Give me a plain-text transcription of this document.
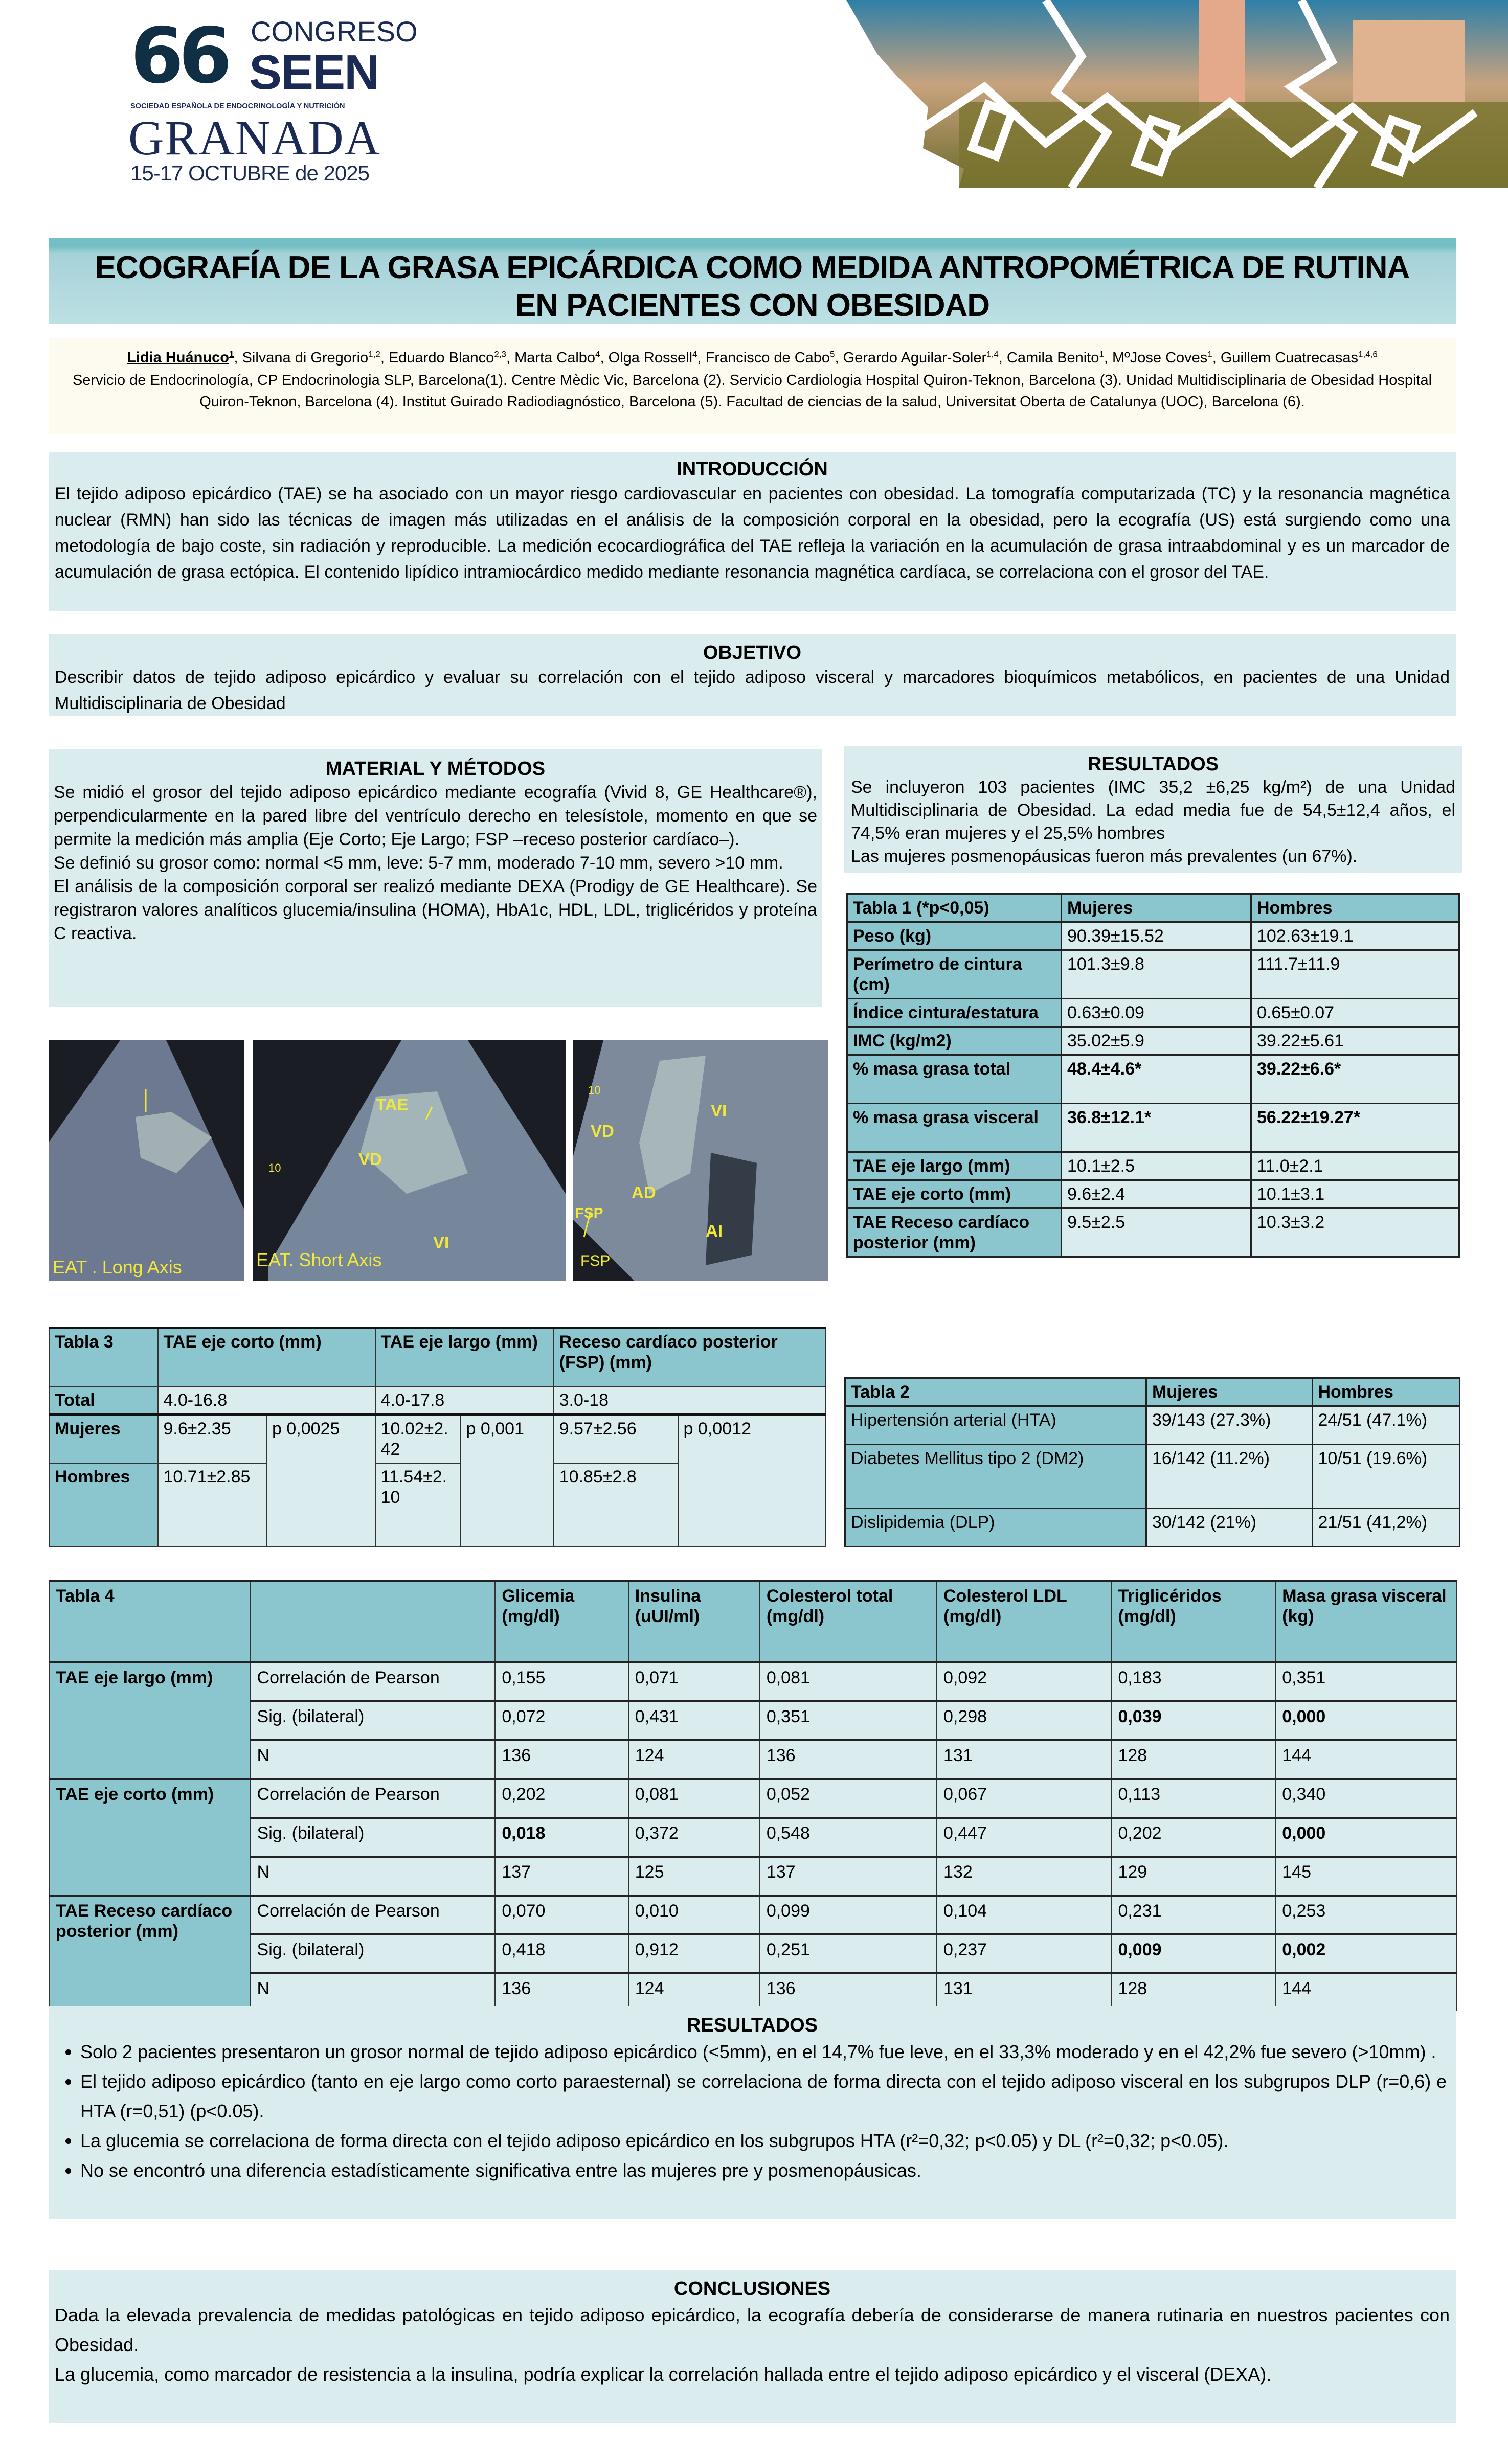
66 CONGRESO
SEEN
SOCIEDAD ESPAÑOLA DE ENDOCRINOLOGÍA Y NUTRICIÓN
GRANADA
15-17 OCTUBRE de 2025
ECOGRAFÍA DE LA GRASA EPICÁRDICA COMO MEDIDA ANTROPOMÉTRICA DE RUTINA
EN PACIENTES CON OBESIDAD
Lidia Huánuco$^1$, Silvana di Gregorio$^{1,2}$, Eduardo Blanco$^{2,3}$, Marta Calbo$^4$, Olga Rossell$^4$, Francisco de Cabo$^5$, Gerardo Aguilar-Soler$^{1,4}$, Camila Benito$^1$, MºJose Coves$^1$, Guillem Cuatrecasas$^{1,4,6}$
Servicio de Endocrinología, CP Endocrinologia SLP, Barcelona(1). Centre Mèdic Vic, Barcelona (2). Servicio Cardiologia Hospital Quiron-Teknon, Barcelona (3). Unidad Multidisciplinaria de Obesidad Hospital Quiron-Teknon, Barcelona (4). Institut Guirado Radiodiagnóstico, Barcelona (5). Facultad de ciencias de la salud, Universitat Oberta de Catalunya (UOC), Barcelona (6).
INTRODUCCIÓN

El tejido adiposo epicárdico (TAE) se ha asociado con un mayor riesgo cardiovascular en pacientes con obesidad. La tomografía computarizada (TC) y la resonancia magnética nuclear (RMN) han sido las técnicas de imagen más utilizadas en el análisis de la composición corporal en la obesidad, pero la ecografía (US) está surgiendo como una metodología de bajo coste, sin radiación y reproducible. La medición ecocardiográfica del TAE refleja la variación en la acumulación de grasa intraabdominal y es un marcador de acumulación de grasa ectópica. El contenido lipídico intramiocárdico medido mediante resonancia magnética cardíaca, se correlaciona con el grosor del TAE.

OBJETIVO

Describir datos de tejido adiposo epicárdico y evaluar su correlación con el tejido adiposo visceral y marcadores bioquímicos metabólicos, en pacientes de una Unidad Multidisciplinaria de Obesidad

MATERIAL Y MÉTODOS

Se midió el grosor del tejido adiposo epicárdico mediante ecografía (Vivid 8, GE Healthcare®), perpendicularmente en la pared libre del ventrículo derecho en telesístole, momento en que se permite la medición más amplia (Eje Corto; Eje Largo; FSP –receso posterior cardíaco–).

Se definió su grosor como: normal <5 mm, leve: 5-7 mm, moderado 7-10 mm, severo >10 mm.

El análisis de la composición corporal ser realizó mediante DEXA (Prodigy de GE Healthcare). Se registraron valores analíticos glucemia/insulina (HOMA), HbA1c, HDL, LDL, triglicéridos y proteína C reactiva.

RESULTADOS

Se incluyeron 103 pacientes (IMC 35,2 ±6,25 kg/m²) de una Unidad Multidisciplinaria de Obesidad. La edad media fue de 54,5±12,4 años, el 74,5% eran mujeres y el 25,5% hombres

Las mujeres posmenopáusicas fueron más prevalentes (un 67%).

EAT . Long Axis
TAE
VD
VI
10
EAT. Short Axis
10
VD
VI
AD
FSP
AI
FSP
Tabla 1 (*p<0,05)	Mujeres	Hombres
Peso (kg)	90.39±15.52	102.63±19.1
Perímetro de cintura (cm)	101.3±9.8	111.7±11.9
Índice cintura/estatura	0.63±0.09	0.65±0.07
IMC (kg/m2)	35.02±5.9	39.22±5.61
% masa grasa total	48.4±4.6*	39.22±6.6*
% masa grasa visceral	36.8±12.1*	56.22±19.27*
TAE eje largo (mm)	10.1±2.5	11.0±2.1
TAE eje corto (mm)	9.6±2.4	10.1±3.1
TAE Receso cardíaco posterior (mm)	9.5±2.5	10.3±3.2
Tabla 2	Mujeres	Hombres
Hipertensión arterial (HTA)	39/143 (27.3%)	24/51 (47.1%)
Diabetes Mellitus tipo 2 (DM2)	16/142 (11.2%)	10/51 (19.6%)
Dislipidemia (DLP)	30/142 (21%)	21/51 (41,2%)
Tabla 3	TAE eje corto (mm)		TAE eje largo (mm)		Receso cardíaco posterior (FSP) (mm)	
Total	4.0-16.8		4.0-17.8		3.0-18	
Mujeres	9.6±2.35	p 0,0025	10.02±2.42	p 0,001	9.57±2.56	p 0,0012
Hombres	10.71±2.85		11.54±2.10		10.85±2.8	
Tabla 4		Glicemia (mg/dl)	Insulina (uUI/ml)	Colesterol total (mg/dl)	Colesterol LDL (mg/dl)	Triglicéridos (mg/dl)	Masa grasa visceral (kg)
TAE eje largo (mm)	Correlación de Pearson	0,155	0,071	0,081	0,092	0,183	0,351
	Sig. (bilateral)	0,072	0,431	0,351	0,298	0,039	0,000
	N	136	124	136	131	128	144
TAE eje corto (mm)	Correlación de Pearson	0,202	0,081	0,052	0,067	0,113	0,340
	Sig. (bilateral)	0,018	0,372	0,548	0,447	0,202	0,000
	N	137	125	137	132	129	145
TAE Receso cardíaco posterior (mm)	Correlación de Pearson	0,070	0,010	0,099	0,104	0,231	0,253
	Sig. (bilateral)	0,418	0,912	0,251	0,237	0,009	0,002
	N	136	124	136	131	128	144
RESULTADOS
• Solo 2 pacientes presentaron un grosor normal de tejido adiposo epicárdico (<5mm), en el 14,7% fue leve, en el 33,3% moderado y en el 42,2% fue severo (>10mm) .
• El tejido adiposo epicárdico (tanto en eje largo como corto paraesternal) se correlaciona de forma directa con el tejido adiposo visceral en los subgrupos DLP (r=0,6) e HTA (r=0,51) (p<0.05).
• La glucemia se correlaciona de forma directa con el tejido adiposo epicárdico en los subgrupos HTA (r²=0,32; p<0.05) y DL (r²=0,32; p<0.05).
• No se encontró una diferencia estadísticamente significativa entre las mujeres pre y posmenopáusicas.
CONCLUSIONES

Dada la elevada prevalencia de medidas patológicas en tejido adiposo epicárdico, la ecografía debería de considerarse de manera rutinaria en nuestros pacientes con Obesidad.

La glucemia, como marcador de resistencia a la insulina, podría explicar la correlación hallada entre el tejido adiposo epicárdico y el visceral (DEXA).
